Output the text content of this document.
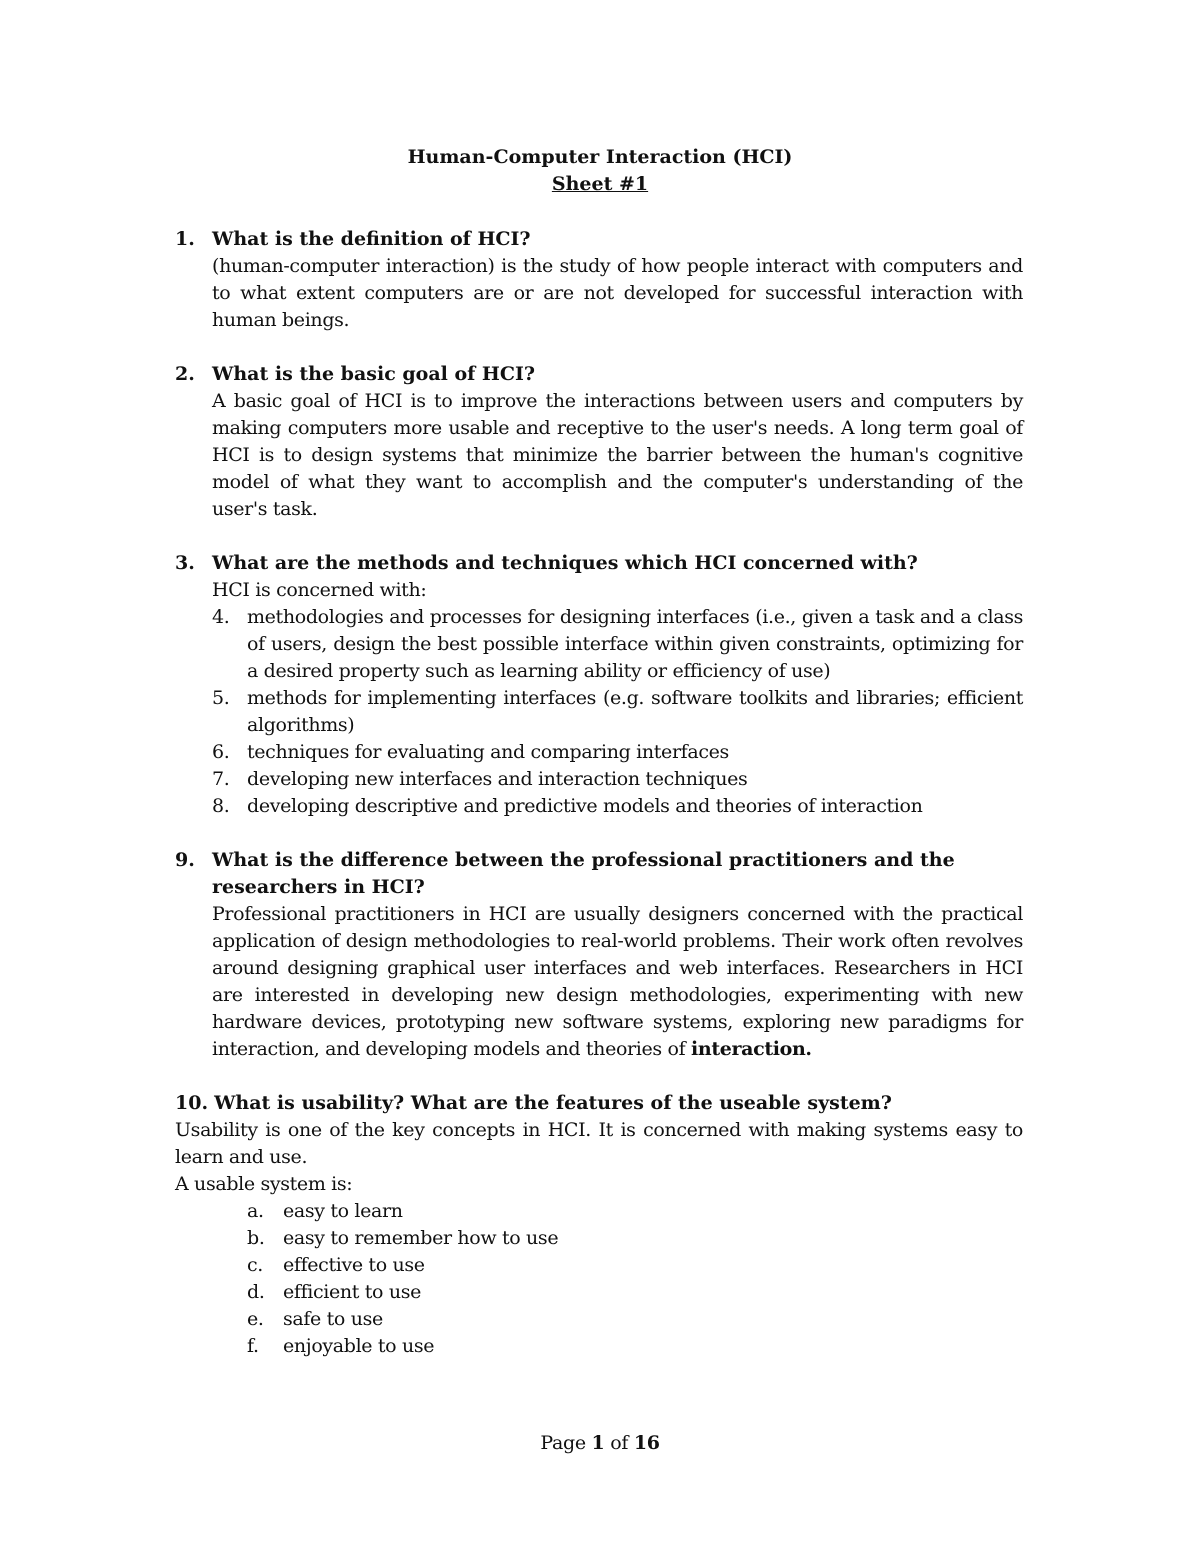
Human-Computer Interaction (HCI)
Sheet #1
1. What is the definition of HCI?
(human-computer interaction) is the study of how people interact with computers and to what extent computers are or are not developed for successful interaction with human beings.
2. What is the basic goal of HCI?
A basic goal of HCI is to improve the interactions between users and computers by making computers more usable and receptive to the user's needs. A long term goal of HCI is to design systems that minimize the barrier between the human's cognitive model of what they want to accomplish and the computer's understanding of the user's task.
3. What are the methods and techniques which HCI concerned with?
HCI is concerned with:
4. methodologies and processes for designing interfaces (i.e., given a task and a class of users, design the best possible interface within given constraints, optimizing for a desired property such as learning ability or efficiency of use)
5. methods for implementing interfaces (e.g. software toolkits and libraries; efficient algorithms)
6. techniques for evaluating and comparing interfaces
7. developing new interfaces and interaction techniques
8. developing descriptive and predictive models and theories of interaction
9. What is the difference between the professional practitioners and the researchers in HCI?
Professional practitioners in HCI are usually designers concerned with the practical application of design methodologies to real-world problems. Their work often revolves around designing graphical user interfaces and web interfaces. Researchers in HCI are interested in developing new design methodologies, experimenting with new hardware devices, prototyping new software systems, exploring new paradigms for interaction, and developing models and theories of interaction.
10. What is usability? What are the features of the useable system?
Usability is one of the key concepts in HCI. It is concerned with making systems easy to learn and use.
A usable system is:
a.	easy to learn
b. easy to remember how to use
c.	effective to use
d. efficient to use
e.	safe to use
f.	enjoyable to use
Page 1 of 16
